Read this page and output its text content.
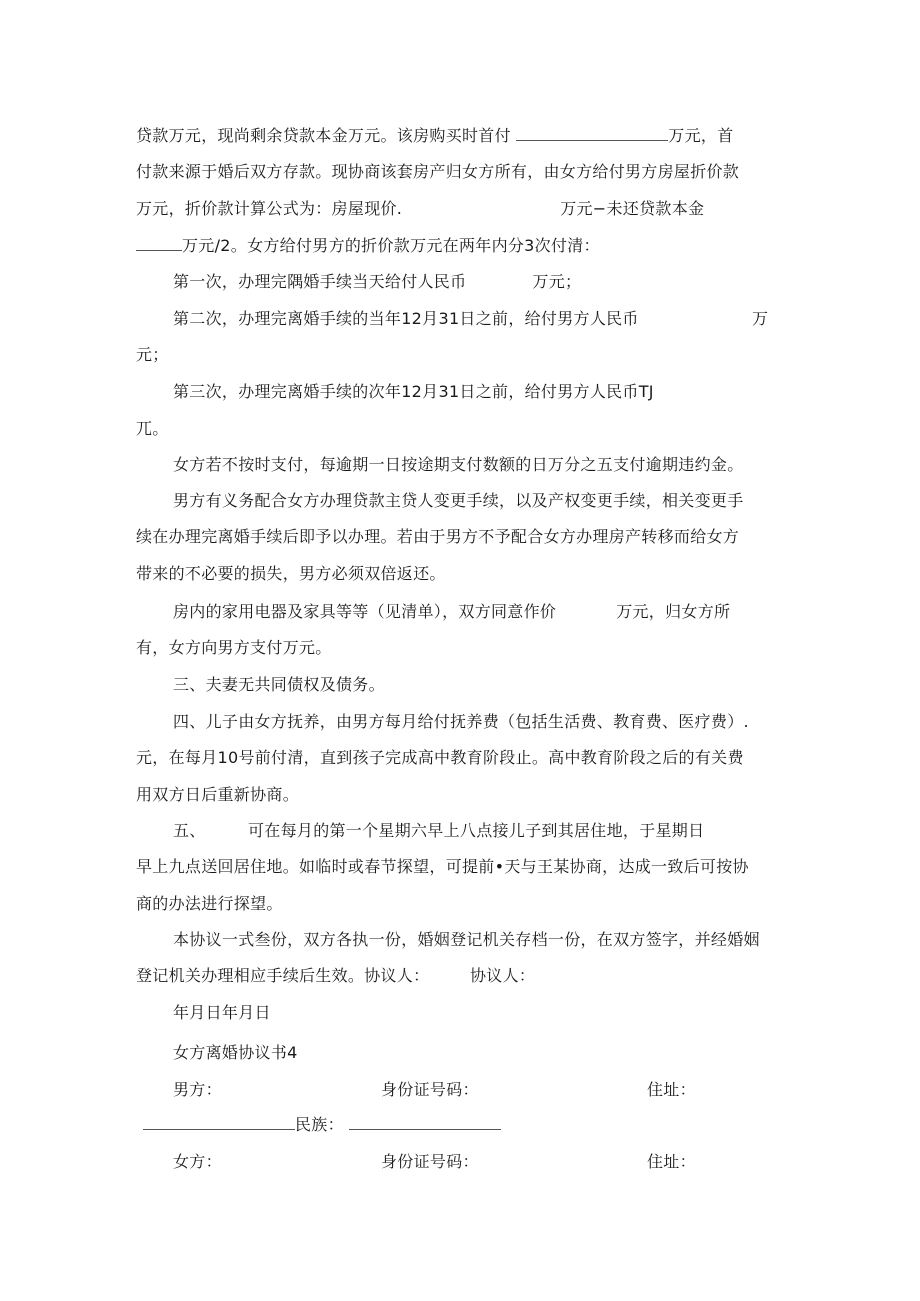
贷款万元，现尚剩余贷款本金万元。该房购买时首付	万元，首
付款来源于婚后双方存款。现协商该套房产归女方所有，由女方给付男方房屋折价款
万元，折价款计算公式为：房屋现价.	万元−未还贷款本金
万元/2。女方给付男方的折价款万元在两年内分3次付清：
第一次，办理完隅婚手续当天给付人民币	万元；
第二次，办理完离婚手续的当年12月31日之前，给付男方人民币	万
元；
第三次，办理完离婚手续的次年12月31日之前，给付男方人民币TJ
兀。
女方若不按时支付，每逾期一日按途期支付数额的日万分之五支付逾期违约金。
男方有义务配合女方办理贷款主贷人变更手续，以及产权变更手续，相关变更手
续在办理完离婚手续后即予以办理。若由于男方不予配合女方办理房产转移而给女方
带来的不必要的损失，男方必须双倍返还。
房内的家用电器及家具等等（见清单），双方同意作价	万元，归女方所
有，女方向男方支付万元。
三、夫妻无共同债权及债务。
四、儿子由女方抚养，由男方每月给付抚养费（包括生活费、教育费、医疗费）.
元，在每月10号前付清，直到孩子完成高中教育阶段止。高中教育阶段之后的有关费
用双方日后重新协商。
五、	可在每月的第一个星期六早上八点接儿子到其居住地，于星期日
早上九点送回居住地。如临时或春节探望，可提前•天与王某协商，达成一致后可按协
商的办法进行探望。
本协议一式叁份，双方各执一份，婚姻登记机关存档一份，在双方签字，并经婚姻
登记机关办理相应手续后生效。协议人：	协议人：
年月日年月日
女方离婚协议书4
男方：	身份证号码：	住址：
民族：
女方：	身份证号码：	住址：
